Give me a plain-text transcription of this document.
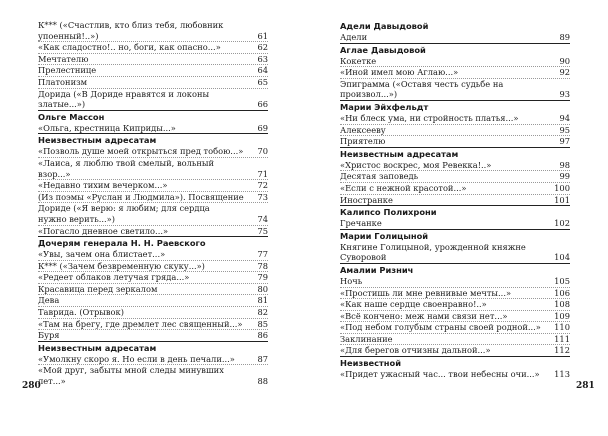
К*** («Счастлив, кто близ тебя, любовник
упоенный!..»)	61
«Как сладостно!.. но, боги, как опасно...»	62
Мечтателю	63
Прелестнице	64
Платонизм	65
Дорида («В Дориде нравятся и локоны златые...»)	66
Ольге Массон
«Ольга, крестница Киприды...»	69
Неизвестным адресатам
«Позволь душе моей открыться пред тобою...»	70
«Лаиса, я люблю твой смелый, вольный взор...»	71
«Недавно тихим вечерком...»	72
(Из поэмы «Руслан и Людмила»). Посвящение	73
Дориде («Я верю: я любим; для сердца
нужно верить...»)	74
«Погасло дневное светило...»	75
Дочерям генерала Н. Н. Раевского
«Увы, зачем она блистает...»	77
К*** («Зачем безвременную скуку...»)	78
«Редеет облаков летучая гряда...»	79
Красавица перед зеркалом	80
Дева	81
Таврида. (Отрывок)	82
«Там на брегу, где дремлет лес священный...»	85
Буря	86
Неизвестным адресатам
«Умолкну скоро я. Но если в день печали...»	87
«Мой друг, забыты мной следы минувших лет...»	88
Адели Давыдовой
Адели	89
Аглае Давыдовой
Кокетке	90
«Иной имел мою Аглаю...»	92
Эпиграмма («Оставя честь судьбе на произвол...»)	93
Марии Эйхфельдт
«Ни блеск ума, ни стройность платья...»	94
Алексееву	95
Приятелю	97
Неизвестным адресатам
«Христос воскрес, моя Ревекка!..»	98
Десятая заповедь	99
«Если с нежной красотой...»	100
Инострaнке	101
Калипсо Полихрони
Гречанке	102
Марии Голицыной
Княгине Голицыной, урожденной княжне
Суворовой	104
Амалии Ризнич
Ночь	105
«Простишь ли мне ревнивые мечты...»	106
«Как наше сердце своенравно!..»	108
«Всё кончено: меж нами связи нет...»	109
«Под небом голубым страны своей родной...»	110
Заклинание	111
«Для берегов отчизны дальной...»	112
Неизвестной
«Придет ужасный час... твои небесны очи...»	113
280	281
